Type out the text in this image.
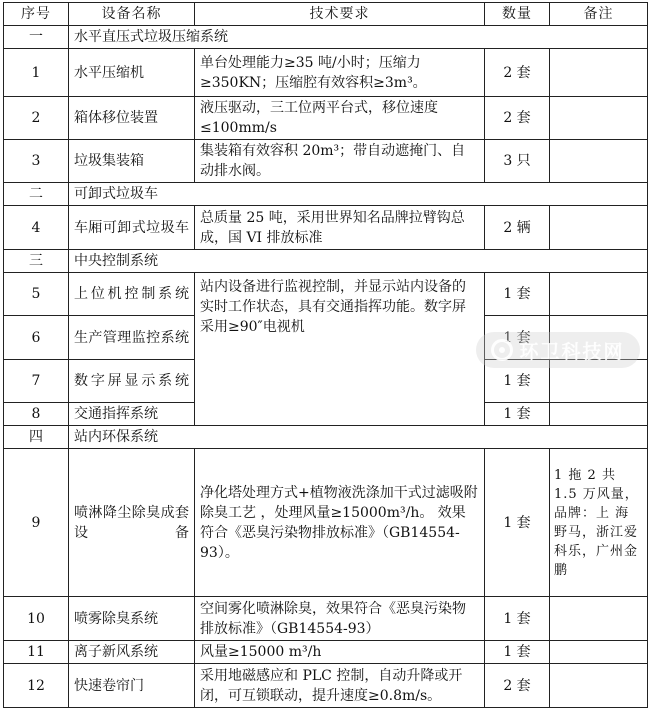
序号	设备名称	技术要求	数量	备注
一	水平直压式垃圾压缩系统			
1	水平压缩机	单台处理能力≥35 吨/小时；压缩力≥350KN；压缩腔有效容积≥3m³。	2 套	
2	箱体移位装置	液压驱动，三工位两平台式，移位速度≤100mm/s	2 套	
3	垃圾集装箱	集装箱有效容积 20m³；带自动遮掩门、自动排水阀。	3 只	
二	可卸式垃圾车			
4	车厢可卸式垃圾车	总质量 25 吨，采用世界知名品牌拉臂钩总成，国 VI 排放标准	2 辆	
三	中央控制系统			
5	上位机控制系统	站内设备进行监视控制，并显示站内设备的实时工作状态，具有交通指挥功能。数字屏采用≥90″电视机	1 套	
6	生产管理监控系统		1 套	
7	数字屏显示系统		1 套	
8	交通指挥系统		1 套	
四	站内环保系统			
9	喷淋降尘除臭成套设备	净化塔处理方式+植物液洗涤加干式过滤吸附除臭工艺 ，处理风量≥15000m³/h。 效果符合《恶臭污染物排放标准》（GB14554-93）。	1 套	1 拖 2 共 1.5 万风量，品牌：上 海 野马，浙江爱科乐，广州金鹏
10	喷雾除臭系统	空间雾化喷淋除臭，效果符合《恶臭污染物排放标准》（GB14554-93）	1 套	
11	离子新风系统	风量≥15000 m³/h	1 套	
12	快速卷帘门	采用地磁感应和 PLC 控制，自动升降或开闭，可互锁联动，提升速度≥0.8m/s。	2 套	
环卫科技网
